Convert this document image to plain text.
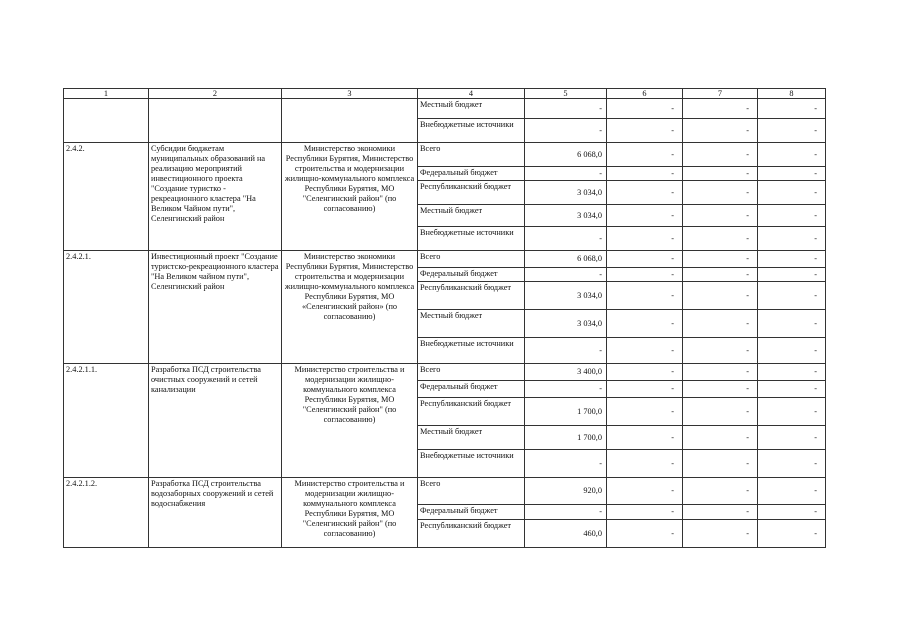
1	2	3	4	5	6	7	8
			Местный бюджет	-	-	-	-
			Внебюджетные источники	-	-	-	-
2.4.2.	Субсидии бюджетам муниципальных образований на реализацию мероприятий инвестиционного проекта "Создание туристко - рекреационного кластера "На Великом Чайном пути", Селенгинский район	Министерство экономики Республики Бурятия, Министерство строительства и модернизации жилищно-коммунального комплекса Республики Бурятия, МО "Селенгинский район" (по согласованию)	Всего	6 068,0	-	-	-
			Федеральный бюджет	-	-	-	-
			Республиканский бюджет	3 034,0	-	-	-
			Местный бюджет	3 034,0	-	-	-
			Внебюджетные источники	-	-	-	-
2.4.2.1.	Инвестиционный проект "Создание туристско-рекреационного кластера "На Великом чайном пути", Селенгинский район	Министерство экономики Республики Бурятия, Министерство строительства и модернизации жилищно-коммунального комплекса Республики Бурятия, МО «Селенгинский район» (по согласованию)	Всего	6 068,0	-	-	-
			Федеральный бюджет	-	-	-	-
			Республиканский бюджет	3 034,0	-	-	-
			Местный бюджет	3 034,0	-	-	-
			Внебюджетные источники	-	-	-	-
2.4.2.1.1.	Разработка ПСД строительства очистных сооружений и сетей канализации	Министерство строительства и модернизации жилищно-коммунального комплекса Республики Бурятия, МО "Селенгинский район" (по согласованию)	Всего	3 400,0	-	-	-
			Федеральный бюджет	-	-	-	-
			Республиканский бюджет	1 700,0	-	-	-
			Местный бюджет	1 700,0	-	-	-
			Внебюджетные источники	-	-	-	-
2.4.2.1.2.	Разработка ПСД строительства водозаборных сооружений и сетей водоснабжения	Министерство строительства и модернизации жилищно-коммунального комплекса Республики Бурятия, МО "Селенгинский район" (по согласованию)	Всего	920,0	-	-	-
			Федеральный бюджет	-	-	-	-
			Республиканский бюджет	460,0	-	-	-
